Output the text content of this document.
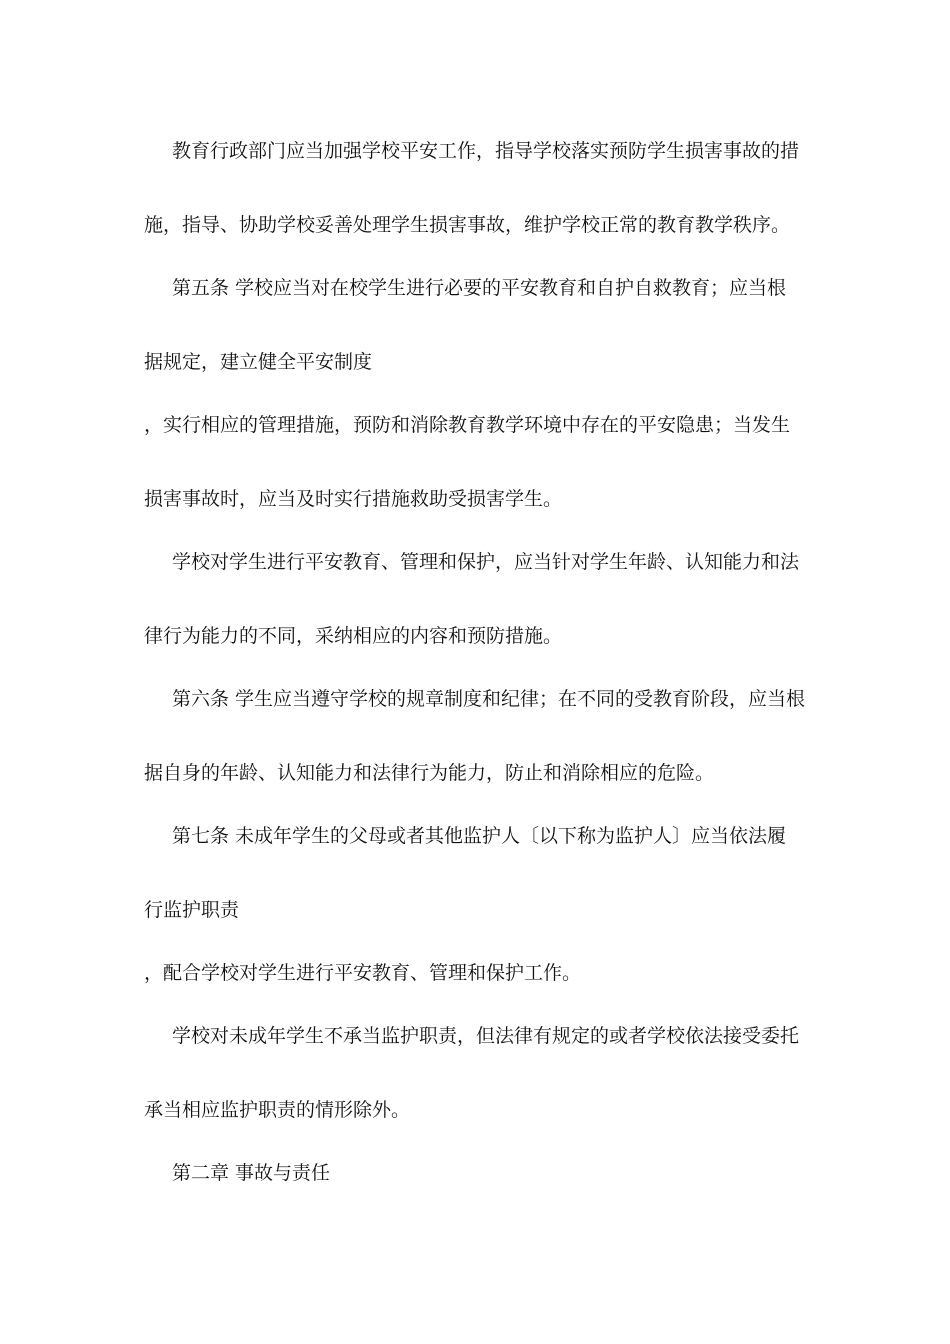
教育行政部门应当加强学校平安工作，指导学校落实预防学生损害事故的措
施，指导、协助学校妥善处理学生损害事故，维护学校正常的教育教学秩序。
第五条 学校应当对在校学生进行必要的平安教育和自护自救教育；应当根
据规定，建立健全平安制度
，实行相应的管理措施，预防和消除教育教学环境中存在的平安隐患；当发生
损害事故时，应当及时实行措施救助受损害学生。
学校对学生进行平安教育、管理和保护，应当针对学生年龄、认知能力和法
律行为能力的不同，采纳相应的内容和预防措施。
第六条 学生应当遵守学校的规章制度和纪律；在不同的受教育阶段，应当根
据自身的年龄、认知能力和法律行为能力，防止和消除相应的危险。
第七条 未成年学生的父母或者其他监护人〔以下称为监护人〕应当依法履
行监护职责
，配合学校对学生进行平安教育、管理和保护工作。
学校对未成年学生不承当监护职责，但法律有规定的或者学校依法接受委托
承当相应监护职责的情形除外。
第二章 事故与责任
